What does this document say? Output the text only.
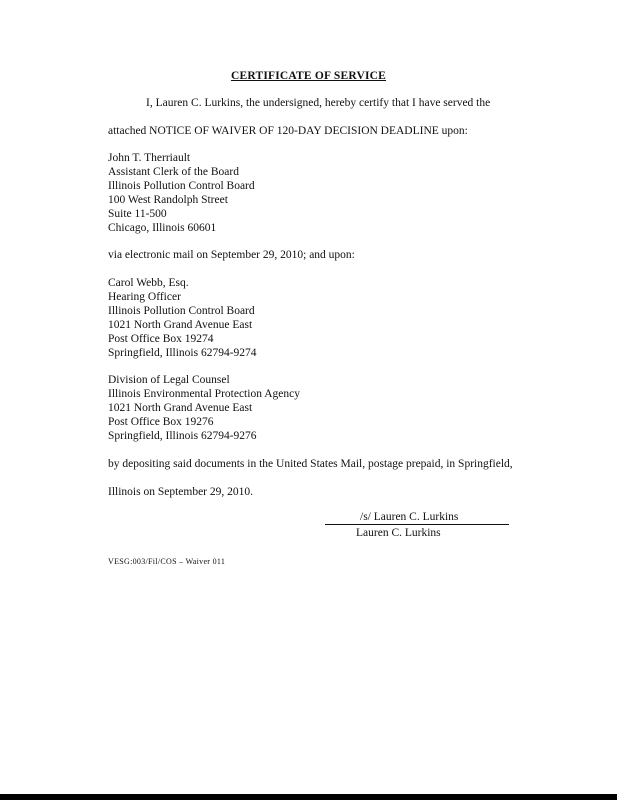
CERTIFICATE OF SERVICE
I, Lauren C. Lurkins, the undersigned, hereby certify that I have served the
attached NOTICE OF WAIVER OF 120-DAY DECISION DEADLINE upon:
John T. Therriault
Assistant Clerk of the Board
Illinois Pollution Control Board
100 West Randolph Street
Suite 11-500
Chicago, Illinois 60601
via electronic mail on September 29, 2010; and upon:
Carol Webb, Esq.
Hearing Officer
Illinois Pollution Control Board
1021 North Grand Avenue East
Post Office Box 19274
Springfield, Illinois 62794-9274
Division of Legal Counsel
Illinois Environmental Protection Agency
1021 North Grand Avenue East
Post Office Box 19276
Springfield, Illinois 62794-9276
by depositing said documents in the United States Mail, postage prepaid, in Springfield,
Illinois on September 29, 2010.
/s/ Lauren C. Lurkins
Lauren C. Lurkins
VESG:003/Fil/COS – Waiver 011
